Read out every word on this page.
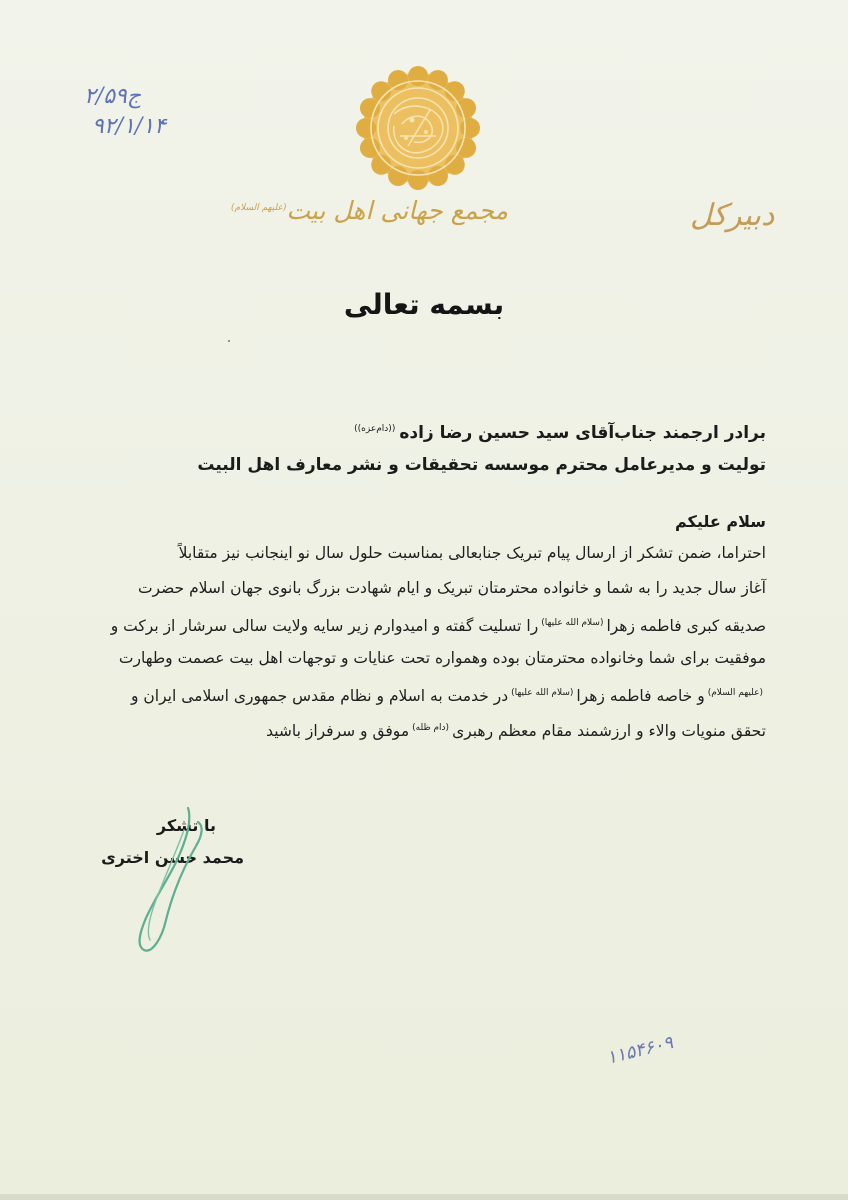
ج۲/۵۹
۹۲/۱/۱۴
مجمع جهانی اهل بیت$^{(علیهم السلام)}$	دبیرکل
بسمه تعالی
برادر ارجمند جناب‌آقای سید حسین رضا زاده$^{((دام‌عزه))}$
تولیت و مدیرعامل محترم موسسه تحقیقات و نشر معارف اهل البیت
سلام علیکم
احتراما، ضمن تشکر از ارسال پیام تبریک جنابعالی بمناسبت حلول سال نو اینجانب نیز متقابلاً
آغاز سال جدید را به شما و خانواده محترمتان تبریک و ایام شهادت بزرگ بانوی جهان اسلام حضرت
صدیقه کبری فاطمه زهرا$^{(سلام الله علیها)}$را تسلیت گفته و امیدوارم زیر سایه ولایت سالی سرشار از برکت و
موفقیت برای شما وخانواده محترمتان بوده وهمواره تحت عنایات و توجهات اهل بیت عصمت وطهارت
$^{(علیهم السلام)}$و خاصه فاطمه زهرا$^{(سلام الله علیها)}$در خدمت به اسلام و نظام مقدس جمهوری اسلامی ایران و
تحقق منویات والاء و ارزشمند مقام معظم رهبری$^{(دام ظله)}$موفق و سرفراز باشید
با تشکر
محمد حسن اختری
۱۱۵۴۶۰۹
